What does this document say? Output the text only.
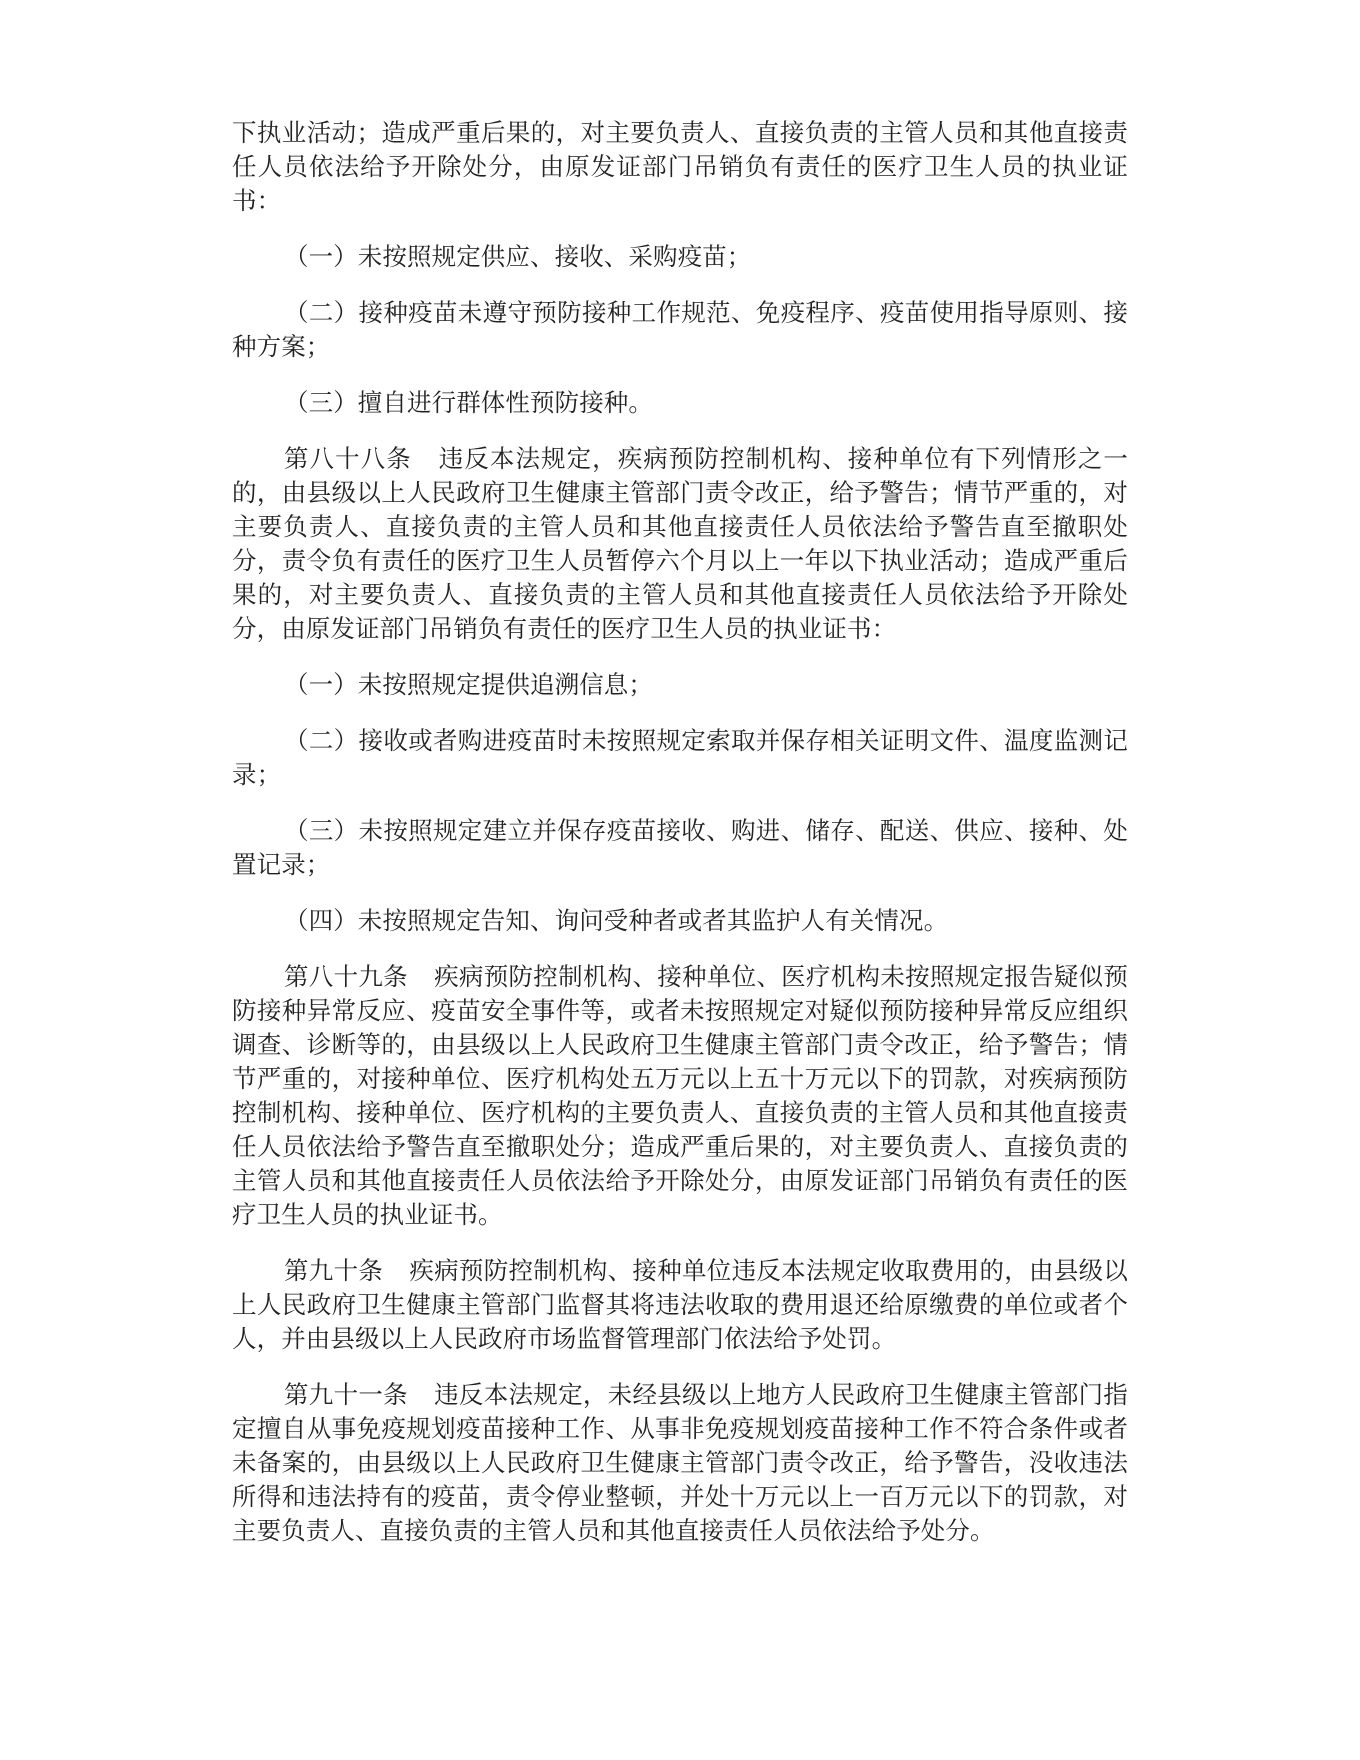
下执业活动；造成严重后果的，对主要负责人、直接负责的主管人员和其他直接责任人员依法给予开除处分，由原发证部门吊销负有责任的医疗卫生人员的执业证书：

（一）未按照规定供应、接收、采购疫苗；

（二）接种疫苗未遵守预防接种工作规范、免疫程序、疫苗使用指导原则、接种方案；

（三）擅自进行群体性预防接种。

第八十八条 违反本法规定，疾病预防控制机构、接种单位有下列情形之一的，由县级以上人民政府卫生健康主管部门责令改正，给予警告；情节严重的，对主要负责人、直接负责的主管人员和其他直接责任人员依法给予警告直至撤职处分，责令负有责任的医疗卫生人员暂停六个月以上一年以下执业活动；造成严重后果的，对主要负责人、直接负责的主管人员和其他直接责任人员依法给予开除处分，由原发证部门吊销负有责任的医疗卫生人员的执业证书：

（一）未按照规定提供追溯信息；

（二）接收或者购进疫苗时未按照规定索取并保存相关证明文件、温度监测记录；

（三）未按照规定建立并保存疫苗接收、购进、储存、配送、供应、接种、处置记录；

（四）未按照规定告知、询问受种者或者其监护人有关情况。

第八十九条 疾病预防控制机构、接种单位、医疗机构未按照规定报告疑似预防接种异常反应、疫苗安全事件等，或者未按照规定对疑似预防接种异常反应组织调查、诊断等的，由县级以上人民政府卫生健康主管部门责令改正，给予警告；情节严重的，对接种单位、医疗机构处五万元以上五十万元以下的罚款，对疾病预防控制机构、接种单位、医疗机构的主要负责人、直接负责的主管人员和其他直接责任人员依法给予警告直至撤职处分；造成严重后果的，对主要负责人、直接负责的主管人员和其他直接责任人员依法给予开除处分，由原发证部门吊销负有责任的医疗卫生人员的执业证书。

第九十条 疾病预防控制机构、接种单位违反本法规定收取费用的，由县级以上人民政府卫生健康主管部门监督其将违法收取的费用退还给原缴费的单位或者个人，并由县级以上人民政府市场监督管理部门依法给予处罚。

第九十一条 违反本法规定，未经县级以上地方人民政府卫生健康主管部门指定擅自从事免疫规划疫苗接种工作、从事非免疫规划疫苗接种工作不符合条件或者未备案的，由县级以上人民政府卫生健康主管部门责令改正，给予警告，没收违法所得和违法持有的疫苗，责令停业整顿，并处十万元以上一百万元以下的罚款，对主要负责人、直接负责的主管人员和其他直接责任人员依法给予处分。
